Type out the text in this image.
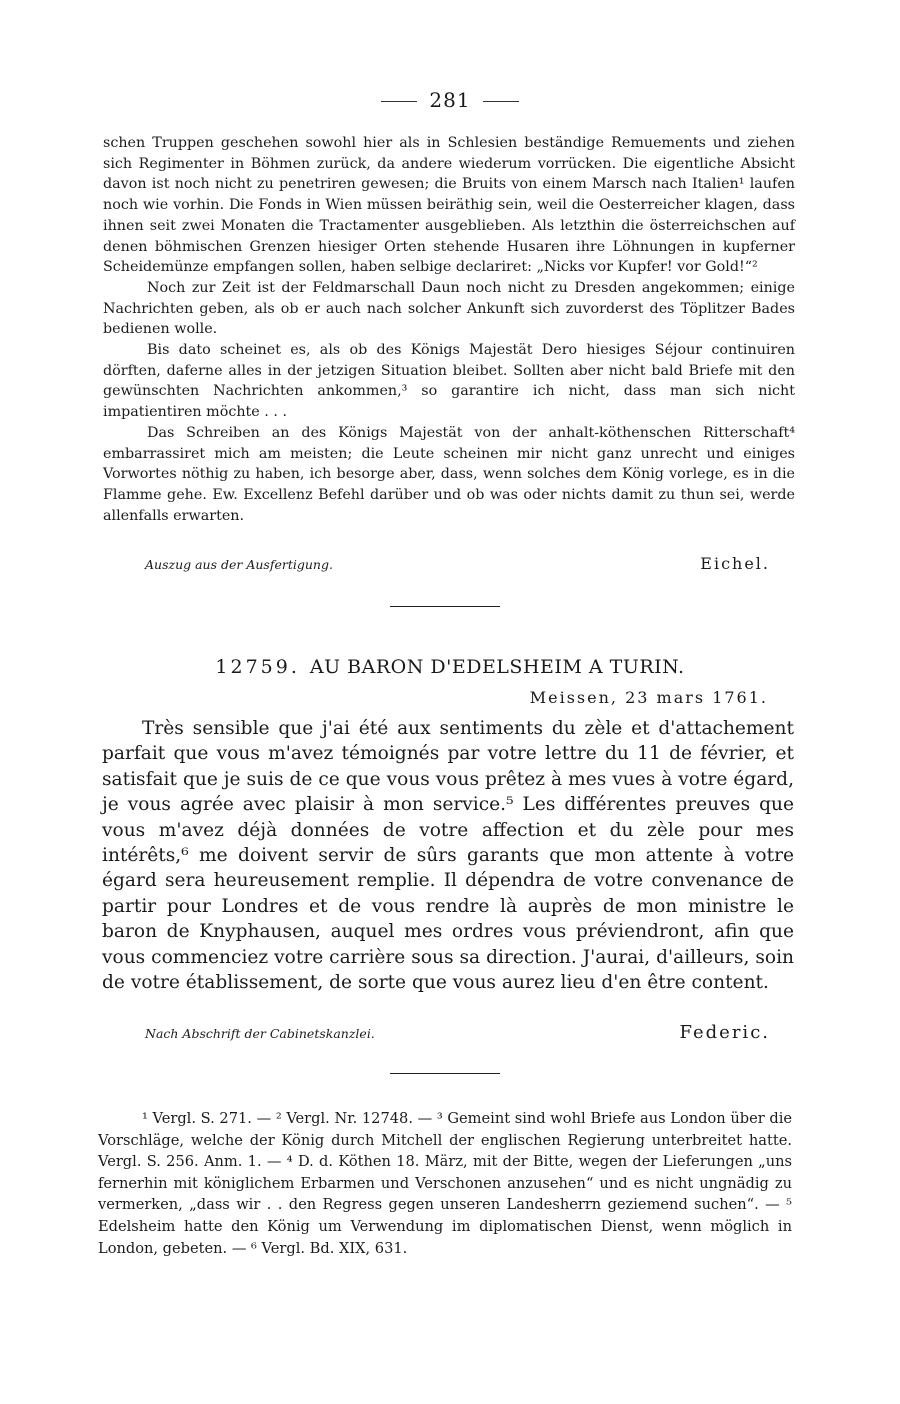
281

schen Truppen geschehen sowohl hier als in Schlesien beständige Remuements und ziehen sich Regimenter in Böhmen zurück, da andere wiederum vorrücken. Die eigentliche Absicht davon ist noch nicht zu penetriren gewesen; die Bruits von einem Marsch nach Italien¹ laufen noch wie vorhin. Die Fonds in Wien müssen beiräthig sein, weil die Oesterreicher klagen, dass ihnen seit zwei Monaten die Tractamenter ausgeblieben. Als letzthin die österreichschen auf denen böhmischen Grenzen hiesiger Orten stehende Husaren ihre Löhnungen in kupferner Scheidemünze empfangen sollen, haben selbige declariret: „Nicks vor Kupfer! vor Gold!“²

Noch zur Zeit ist der Feldmarschall Daun noch nicht zu Dresden angekommen; einige Nachrichten geben, als ob er auch nach solcher Ankunft sich zuvorderst des Töplitzer Bades bedienen wolle.

Bis dato scheinet es, als ob des Königs Majestät Dero hiesiges Séjour continuiren dörften, daferne alles in der jetzigen Situation bleibet. Sollten aber nicht bald Briefe mit den gewünschten Nachrichten ankommen,³ so garantire ich nicht, dass man sich nicht impatientiren möchte . . .

Das Schreiben an des Königs Majestät von der anhalt-köthenschen Ritterschaft⁴ embarrassiret mich am meisten; die Leute scheinen mir nicht ganz unrecht und einiges Vorwortes nöthig zu haben, ich besorge aber, dass, wenn solches dem König vorlege, es in die Flamme gehe. Ew. Excellenz Befehl darüber und ob was oder nichts damit zu thun sei, werde allenfalls erwarten.

Auszug aus der Ausfertigung.	Eichel.
12759. AU BARON D'EDELSHEIM A TURIN.
Meissen, 23 mars 1761.

Très sensible que j'ai été aux sentiments du zèle et d'attachement parfait que vous m'avez témoignés par votre lettre du 11 de février, et satisfait que je suis de ce que vous vous prêtez à mes vues à votre égard, je vous agrée avec plaisir à mon service.⁵ Les différentes preuves que vous m'avez déjà données de votre affection et du zèle pour mes intérêts,⁶ me doivent servir de sûrs garants que mon attente à votre égard sera heureusement remplie. Il dépendra de votre convenance de partir pour Londres et de vous rendre là auprès de mon ministre le baron de Knyphausen, auquel mes ordres vous préviendront, afin que vous commenciez votre carrière sous sa direction. J'aurai, d'ailleurs, soin de votre établissement, de sorte que vous aurez lieu d'en être content.

Nach Abschrift der Cabinetskanzlei.	Federic.

¹ Vergl. S. 271. — ² Vergl. Nr. 12748. — ³ Gemeint sind wohl Briefe aus London über die Vorschläge, welche der König durch Mitchell der englischen Regierung unterbreitet hatte. Vergl. S. 256. Anm. 1. — ⁴ D. d. Köthen 18. März, mit der Bitte, wegen der Lieferungen „uns fernerhin mit königlichem Erbarmen und Verschonen anzusehen“ und es nicht ungnädig zu vermerken, „dass wir . . den Regress gegen unseren Landesherrn geziemend suchen“. — ⁵ Edelsheim hatte den König um Verwendung im diplomatischen Dienst, wenn möglich in London, gebeten. — ⁶ Vergl. Bd. XIX, 631.
